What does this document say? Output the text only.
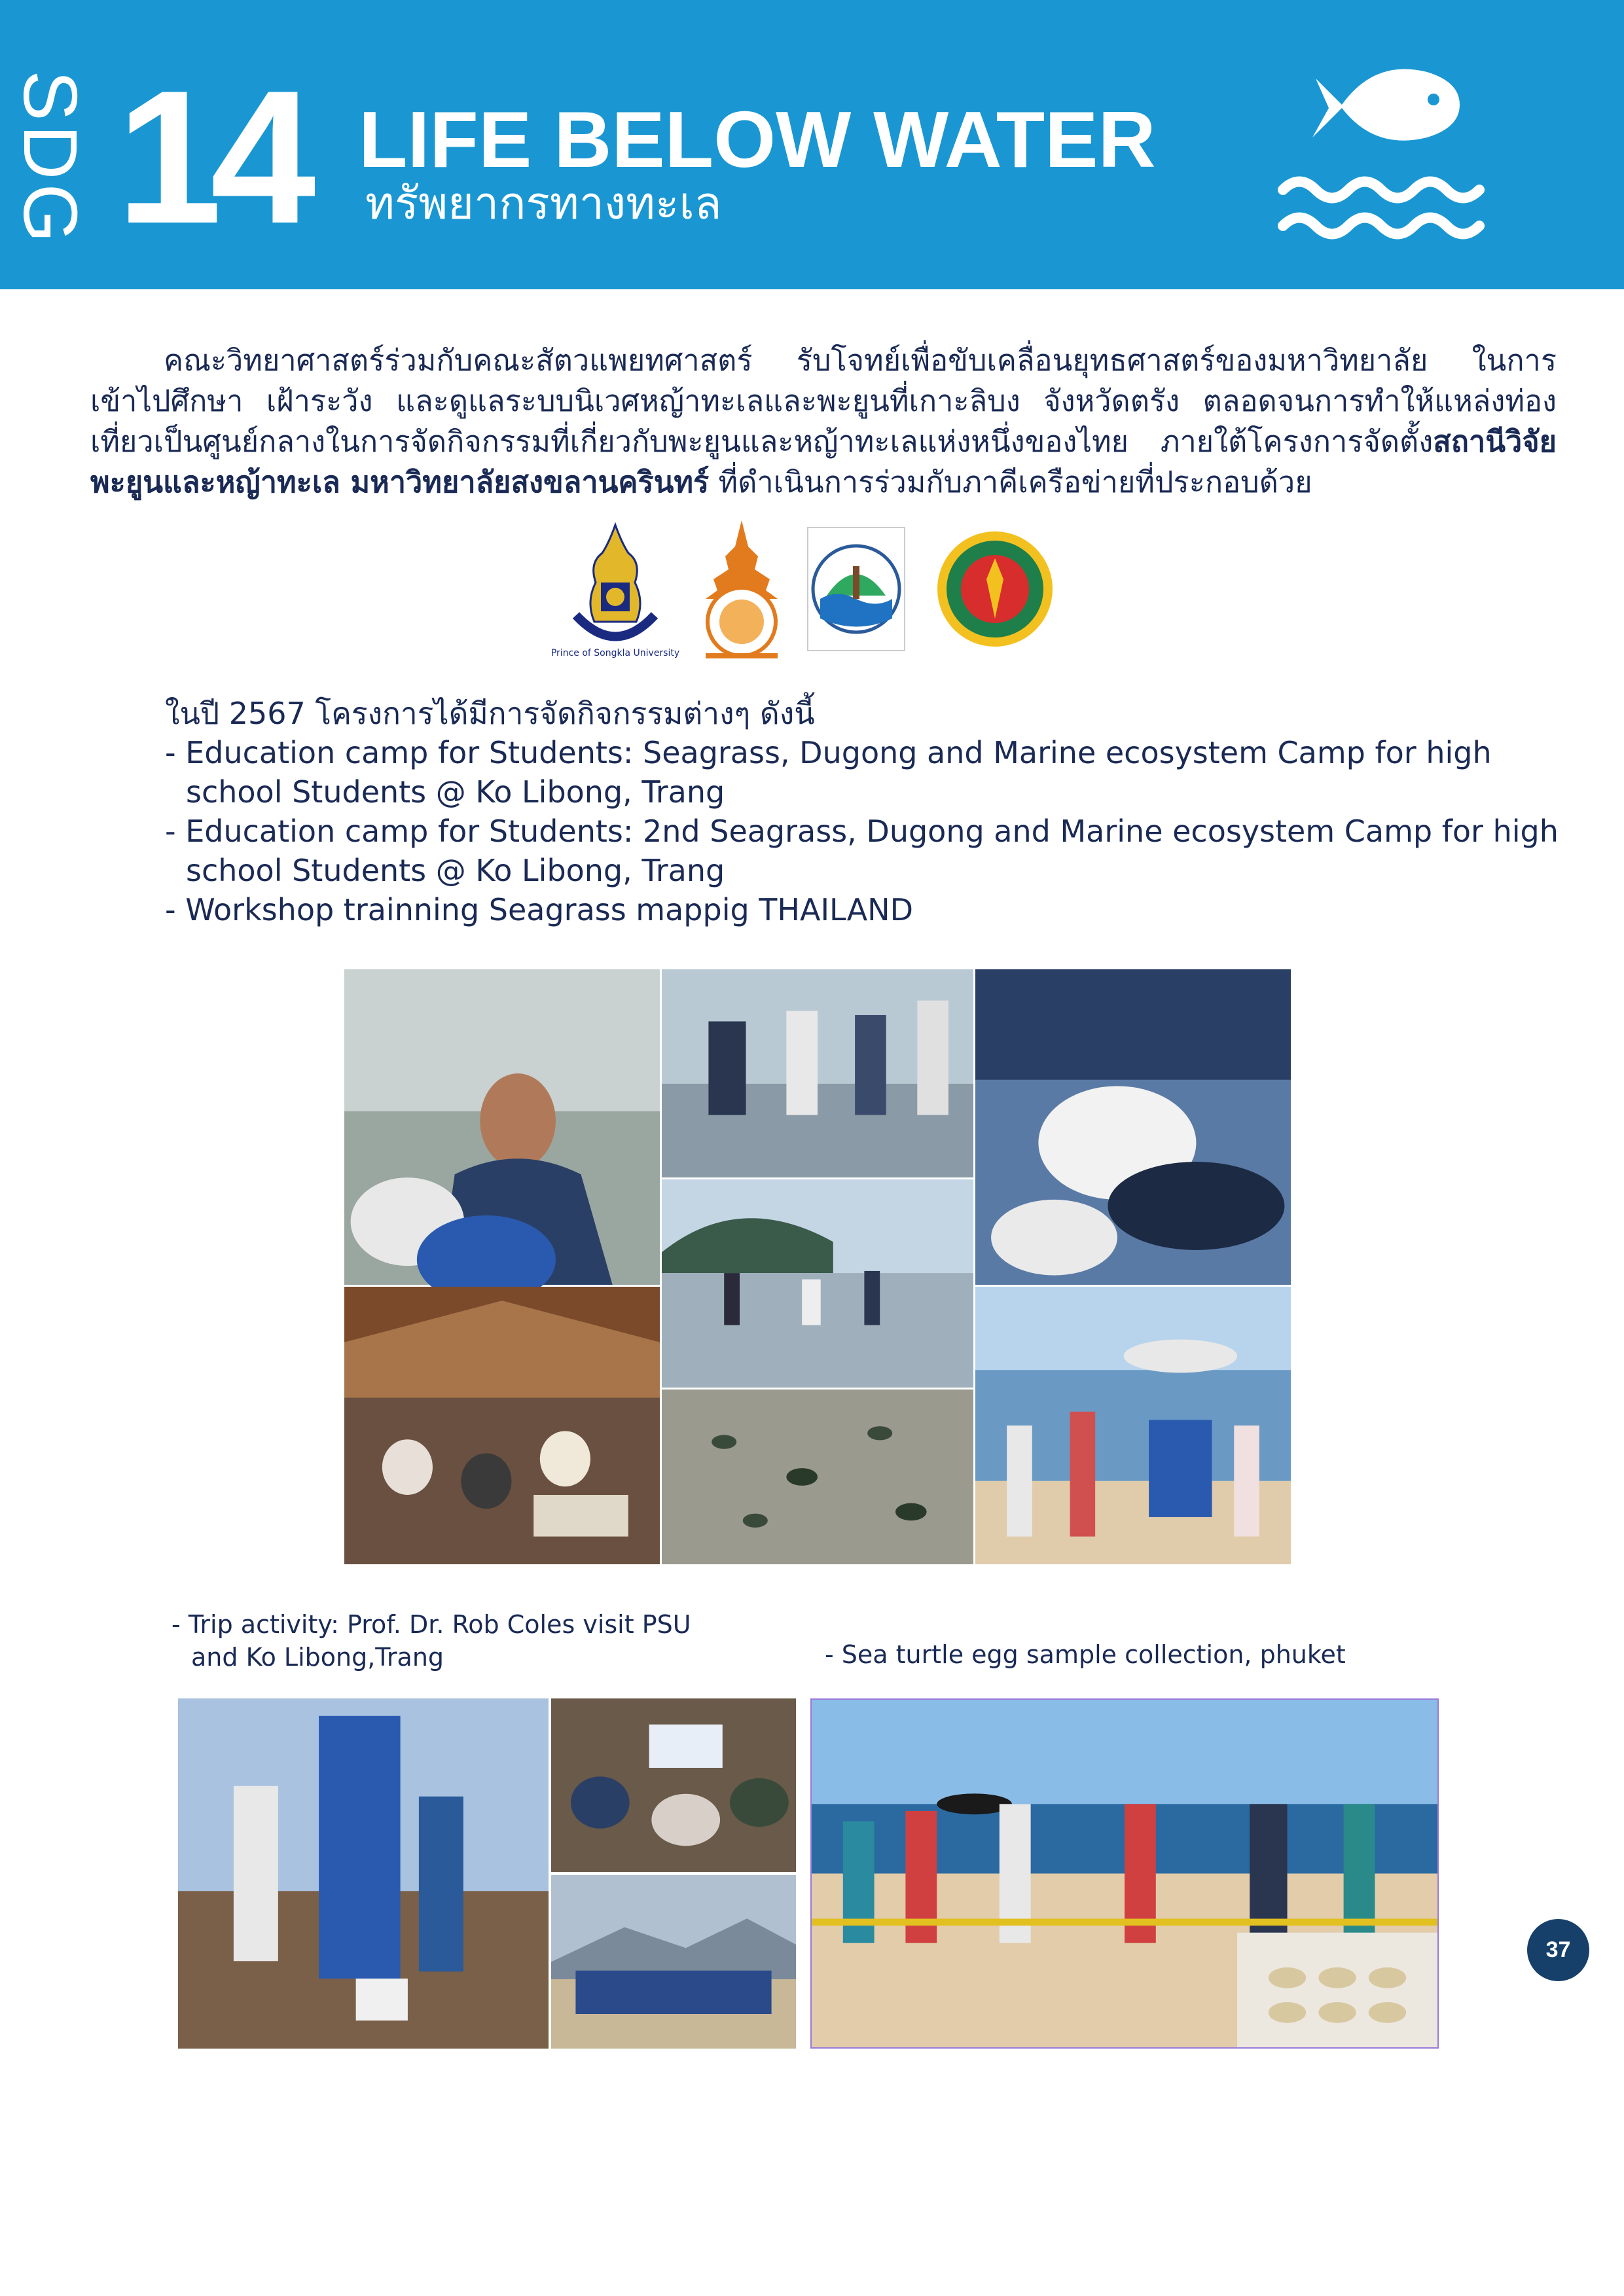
SDG 14 LIFE BELOW WATER
ทรัพยากรทางทะเล
คณะวิทยาศาสตร์ร่วมกับคณะสัตวแพยทศาสตร์ รับโจทย์เพื่อขับเคลื่อนยุทธศาสตร์ของมหาวิทยาลัย ในการเข้าไปศึกษา เฝ้าระวัง และดูแลระบบนิเวศหญ้าทะเลและพะยูนที่เกาะลิบง จังหวัดตรัง ตลอดจนการทำให้แหล่งท่องเที่ยวเป็นศูนย์กลางในการจัดกิจกรรมที่เกี่ยวกับพะยูนและหญ้าทะเลแห่งหนึ่งของไทย ภายใต้โครงการจัดตั้งสถานีวิจัยพะยูนและหญ้าทะเล มหาวิทยาลัยสงขลานครินทร์ ที่ดำเนินการร่วมกับภาคีเครือข่ายที่ประกอบด้วย
Prince of Songkla University
ในปี 2567 โครงการได้มีการจัดกิจกรรมต่างๆ ดังนี้
- Education camp for Students: Seagrass, Dugong and Marine ecosystem Camp for high school Students @ Ko Libong, Trang
- Education camp for Students: 2nd Seagrass, Dugong and Marine ecosystem Camp for high school Students @ Ko Libong, Trang
- Workshop trainning Seagrass mappig THAILAND
- Trip activity: Prof. Dr. Rob Coles visit PSU
and Ko Libong,Trang	- Sea turtle egg sample collection, phuket
37
